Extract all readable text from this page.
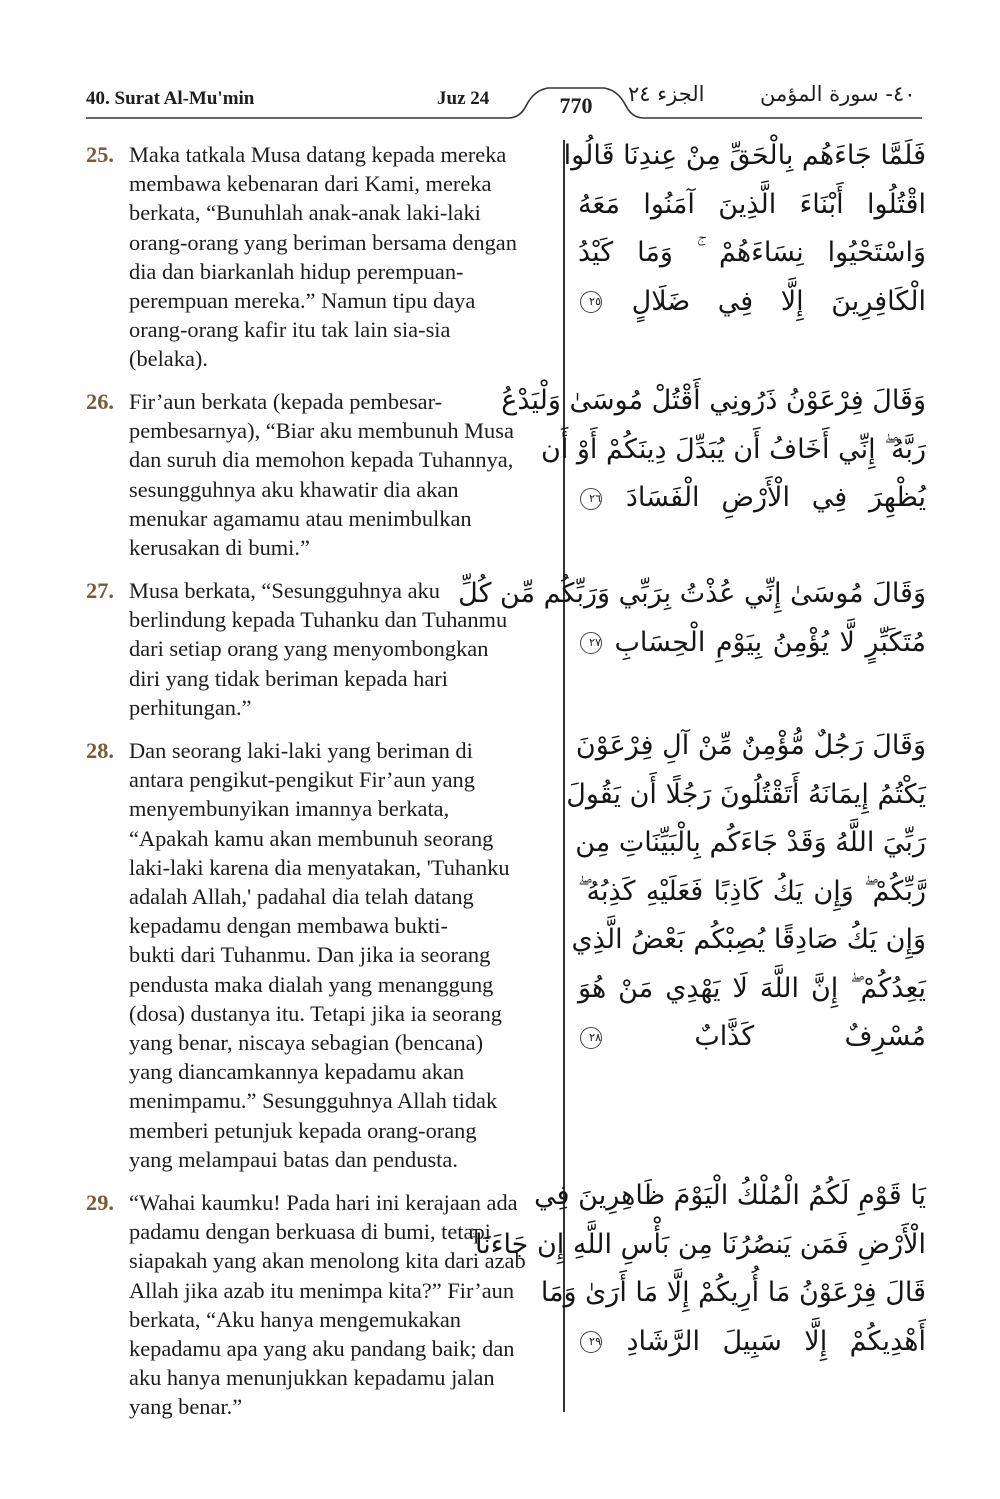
40. Surat Al-Mu'min	Juz 24	770	الجزء ٢٤	٤٠- سورة المؤمن
25. Maka tatkala Musa datang kepada mereka
membawa kebenaran dari Kami, mereka
berkata, “Bunuhlah anak-anak laki-laki
orang-orang yang beriman bersama dengan
dia dan biarkanlah hidup perempuan-
perempuan mereka.” Namun tipu daya
orang-orang kafir itu tak lain sia-sia
(belaka).
فَلَمَّا جَاءَهُم بِالْحَقِّ مِنْ عِندِنَا قَالُوا
اقْتُلُوا أَبْنَاءَ الَّذِينَ آمَنُوا مَعَهُ
وَاسْتَحْيُوا نِسَاءَهُمْ ۚ وَمَا كَيْدُ
الْكَافِرِينَ إِلَّا فِي ضَلَالٍ ٢٥
26. Fir’aun berkata (kepada pembesar-
pembesarnya), “Biar aku membunuh Musa
dan suruh dia memohon kepada Tuhannya,
sesungguhnya aku khawatir dia akan
menukar agamamu atau menimbulkan
kerusakan di bumi.”
وَقَالَ فِرْعَوْنُ ذَرُونِي أَقْتُلْ مُوسَىٰ وَلْيَدْعُ
رَبَّهُ ۖ إِنِّي أَخَافُ أَن يُبَدِّلَ دِينَكُمْ أَوْ أَن
يُظْهِرَ فِي الْأَرْضِ الْفَسَادَ ٢٦
27. Musa berkata, “Sesungguhnya aku
berlindung kepada Tuhanku dan Tuhanmu
dari setiap orang yang menyombongkan
diri yang tidak beriman kepada hari
perhitungan.”
وَقَالَ مُوسَىٰ إِنِّي عُذْتُ بِرَبِّي وَرَبِّكُم مِّن كُلِّ
مُتَكَبِّرٍ لَّا يُؤْمِنُ بِيَوْمِ الْحِسَابِ ٢٧
28. Dan seorang laki-laki yang beriman di
antara pengikut-pengikut Fir’aun yang
menyembunyikan imannya berkata,
“Apakah kamu akan membunuh seorang
laki-laki karena dia menyatakan, 'Tuhanku
adalah Allah,' padahal dia telah datang
kepadamu dengan membawa bukti-
bukti dari Tuhanmu. Dan jika ia seorang
pendusta maka dialah yang menanggung
(dosa) dustanya itu. Tetapi jika ia seorang
yang benar, niscaya sebagian (bencana)
yang diancamkannya kepadamu akan
menimpamu.” Sesungguhnya Allah tidak
memberi petunjuk kepada orang-orang
yang melampaui batas dan pendusta.
وَقَالَ رَجُلٌ مُّؤْمِنٌ مِّنْ آلِ فِرْعَوْنَ
يَكْتُمُ إِيمَانَهُ أَتَقْتُلُونَ رَجُلًا أَن يَقُولَ
رَبِّيَ اللَّهُ وَقَدْ جَاءَكُم بِالْبَيِّنَاتِ مِن
رَّبِّكُمْ ۖ وَإِن يَكُ كَاذِبًا فَعَلَيْهِ كَذِبُهُ ۖ
وَإِن يَكُ صَادِقًا يُصِبْكُم بَعْضُ الَّذِي
يَعِدُكُمْ ۖ إِنَّ اللَّهَ لَا يَهْدِي مَنْ هُوَ
مُسْرِفٌ كَذَّابٌ ٢٨
29. “Wahai kaumku! Pada hari ini kerajaan ada
padamu dengan berkuasa di bumi, tetapi
siapakah yang akan menolong kita dari azab
Allah jika azab itu menimpa kita?” Fir’aun
berkata, “Aku hanya mengemukakan
kepadamu apa yang aku pandang baik; dan
aku hanya menunjukkan kepadamu jalan
yang benar.”
يَا قَوْمِ لَكُمُ الْمُلْكُ الْيَوْمَ ظَاهِرِينَ فِي
الْأَرْضِ فَمَن يَنصُرُنَا مِن بَأْسِ اللَّهِ إِن جَاءَنَا ۚ
قَالَ فِرْعَوْنُ مَا أُرِيكُمْ إِلَّا مَا أَرَىٰ وَمَا
أَهْدِيكُمْ إِلَّا سَبِيلَ الرَّشَادِ ٢٩
